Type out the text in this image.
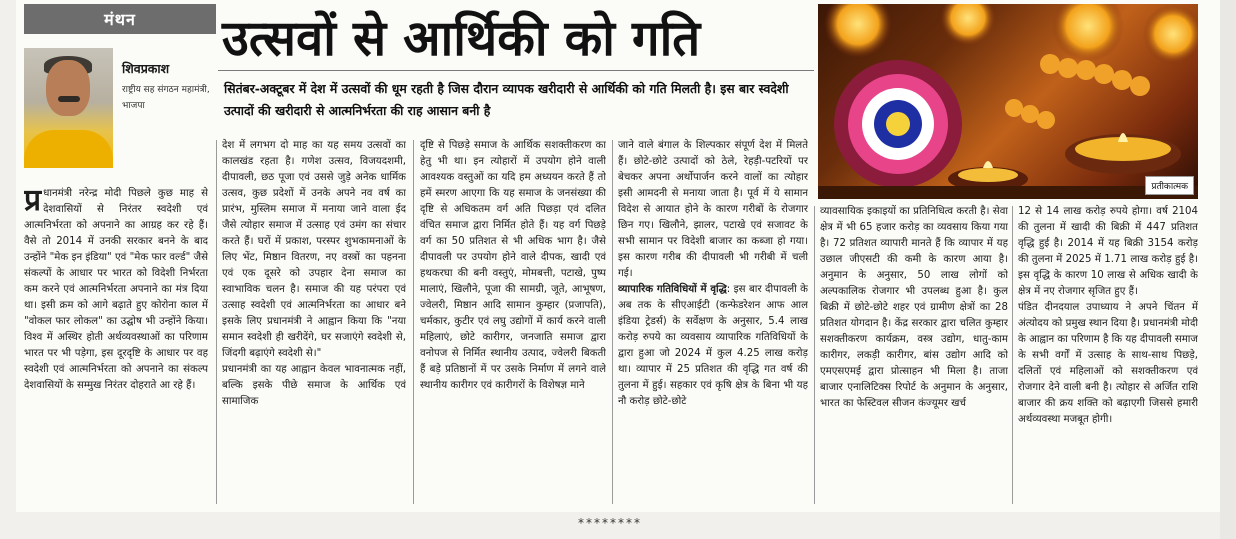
मंथन
शिवप्रकाश
राष्ट्रीय सह संगठन महामंत्री, भाजपा
उत्सवों से आर्थिकी को गति
सितंबर-अक्टूबर में देश में उत्सवों की धूम रहती है जिस दौरान व्यापक खरीदारी से आर्थिकी को गति मिलती है। इस बार स्वदेशी उत्पादों की खरीदारी से आत्मनिर्भरता की राह आसान बनी है
प्रतीकात्मक

प्र धानमंत्री नरेन्द्र मोदी पिछले कुछ माह से देशवासियों से निरंतर स्वदेशी एवं आत्मनिर्भरता को अपनाने का आग्रह कर रहे हैं। वैसे तो 2014 में उनकी सरकार बनने के बाद उन्होंने "मेक इन इंडिया" एवं "मेक फार वर्ल्ड" जैसे संकल्पों के आधार पर भारत को विदेशी निर्भरता कम करने एवं आत्मनिर्भरता अपनाने का मंत्र दिया था। इसी क्रम को आगे बढ़ाते हुए कोरोना काल में "वोकल फार लोकल" का उद्घोष भी उन्होंने किया। विश्व में अस्थिर होती अर्थव्यवस्थाओं का परिणाम भारत पर भी पड़ेगा, इस दूरदृष्टि के आधार पर वह स्वदेशी एवं आत्मनिर्भरता को अपनाने का संकल्प देशवासियों के सम्मुख निरंतर दोहराते आ रहे हैं।

देश में लगभग दो माह का यह समय उत्सवों का कालखंड रहता है। गणेश उत्सव, विजयदशमी, दीपावली, छठ पूजा एवं उससे जुड़े अनेक धार्मिक उत्सव, कुछ प्रदेशों में उनके अपने नव वर्ष का प्रारंभ, मुस्लिम समाज में मनाया जाने वाला ईद जैसे त्योहार समाज में उत्साह एवं उमंग का संचार करते हैं। घरों में प्रकाश, परस्पर शुभकामनाओं के लिए भेंट, मिष्ठान वितरण, नए वस्त्रों का पहनना एवं एक दूसरे को उपहार देना समाज का स्वाभाविक चलन है। समाज की यह परंपरा एवं उत्साह स्वदेशी एवं आत्मनिर्भरता का आधार बने इसके लिए प्रधानमंत्री ने आह्वान किया कि "नया समान स्वदेशी ही खरीदेंगे, घर सजाएंगे स्वदेशी से, जिंदगी बढ़ाएंगे स्वदेशी से।"

प्रधानमंत्री का यह आह्वान केवल भावनात्मक नहीं, बल्कि इसके पीछे समाज के आर्थिक एवं सामाजिक

दृष्टि से पिछड़े समाज के आर्थिक सशक्तीकरण का हेतु भी था। इन त्योहारों में उपयोग होने वाली आवश्यक वस्तुओं का यदि हम अध्ययन करते हैं तो हमें स्मरण आएगा कि यह समाज के जनसंख्या की दृष्टि से अधिकतम वर्ग अति पिछड़ा एवं दलित वंचित समाज द्वारा निर्मित होते हैं। यह वर्ग पिछड़े वर्ग का 50 प्रतिशत से भी अधिक भाग है। जैसे दीपावली पर उपयोग होने वाले दीपक, खादी एवं हथकरघा की बनी वस्तुएं, मोमबत्ती, पटाखे, पुष्प मालाएं, खिलौने, पूजा की सामग्री, जूते, आभूषण, ज्वेलरी, मिष्ठान आदि सामान कुम्हार (प्रजापति), चर्मकार, कुटीर एवं लघु उद्योगों में कार्य करने वाली महिलाएं, छोटे कारीगर, जनजाति समाज द्वारा वनोपज से निर्मित स्थानीय उत्पाद, ज्वेलरी बिकती हैं बड़े प्रतिष्ठानों में पर उसके निर्माण में लगने वाले स्थानीय कारीगर एवं कारीगरों के विशेषज्ञ माने

जाने वाले बंगाल के शिल्पकार संपूर्ण देश में मिलते हैं। छोटे-छोटे उत्पादों को ठेले, रेहड़ी-पटरियों पर बेचकर अपना अर्थोपार्जन करने वालों का त्योहार इसी आमदनी से मनाया जाता है। पूर्व में ये सामान विदेश से आयात होने के कारण गरीबों के रोजगार छिन गए। खिलौने, झालर, पटाखे एवं सजावट के सभी सामान पर विदेशी बाजार का कब्जा हो गया। इस कारण गरीब की दीपावली भी गरीबी में चली गई।

व्यापारिक गतिविधियों में वृद्धि: इस बार दीपावली के अब तक के सीएआईटी (कन्फेडरेशन आफ आल इंडिया ट्रेडर्स) के सर्वेक्षण के अनुसार, 5.4 लाख करोड़ रुपये का व्यवसाय व्यापारिक गतिविधियों के द्वारा हुआ जो 2024 में कुल 4.25 लाख करोड़ था। व्यापार में 25 प्रतिशत की वृद्धि गत वर्ष की तुलना में हुई। सहकार एवं कृषि क्षेत्र के बिना भी यह नौ करोड़ छोटे-छोटे

व्यावसायिक इकाइयों का प्रतिनिधित्व करती है। सेवा क्षेत्र में भी 65 हजार करोड़ का व्यवसाय किया गया है। 72 प्रतिशत व्यापारी मानते हैं कि व्यापार में यह उछाल जीएसटी की कमी के कारण आया है। अनुमान के अनुसार, 50 लाख लोगों को अल्पकालिक रोजगार भी उपलब्ध हुआ है। कुल बिक्री में छोटे-छोटे शहर एवं ग्रामीण क्षेत्रों का 28 प्रतिशत योगदान है। केंद्र सरकार द्वारा चलित कुम्हार सशक्तीकरण कार्यक्रम, वस्त्र उद्योग, धातु-काम कारीगर, लकड़ी कारीगर, बांस उद्योग आदि को एमएसएमई द्वारा प्रोत्साहन भी मिला है। ताजा बाजार एनालिटिक्स रिपोर्ट के अनुमान के अनुसार, भारत का फेस्टिवल सीजन कंज्यूमर खर्च

12 से 14 लाख करोड़ रुपये होगा। वर्ष 2104 की तुलना में खादी की बिक्री में 447 प्रतिशत वृद्धि हुई है। 2014 में यह बिक्री 3154 करोड़ की तुलना में 2025 में 1.71 लाख करोड़ हुई है। इस वृद्धि के कारण 10 लाख से अधिक खादी के क्षेत्र में नए रोजगार सृजित हुए हैं।

पंडित दीनदयाल उपाध्याय ने अपने चिंतन में अंत्योदय को प्रमुख स्थान दिया है। प्रधानमंत्री मोदी के आह्वान का परिणाम है कि यह दीपावली समाज के सभी वर्गों में उत्साह के साथ-साथ पिछड़े, दलितों एवं महिलाओं को सशक्तीकरण एवं रोजगार देने वाली बनी है। त्योहार से अर्जित राशि बाजार की क्रय शक्ति को बढ़ाएगी जिससे हमारी अर्थव्यवस्था मजबूत होगी।

********
